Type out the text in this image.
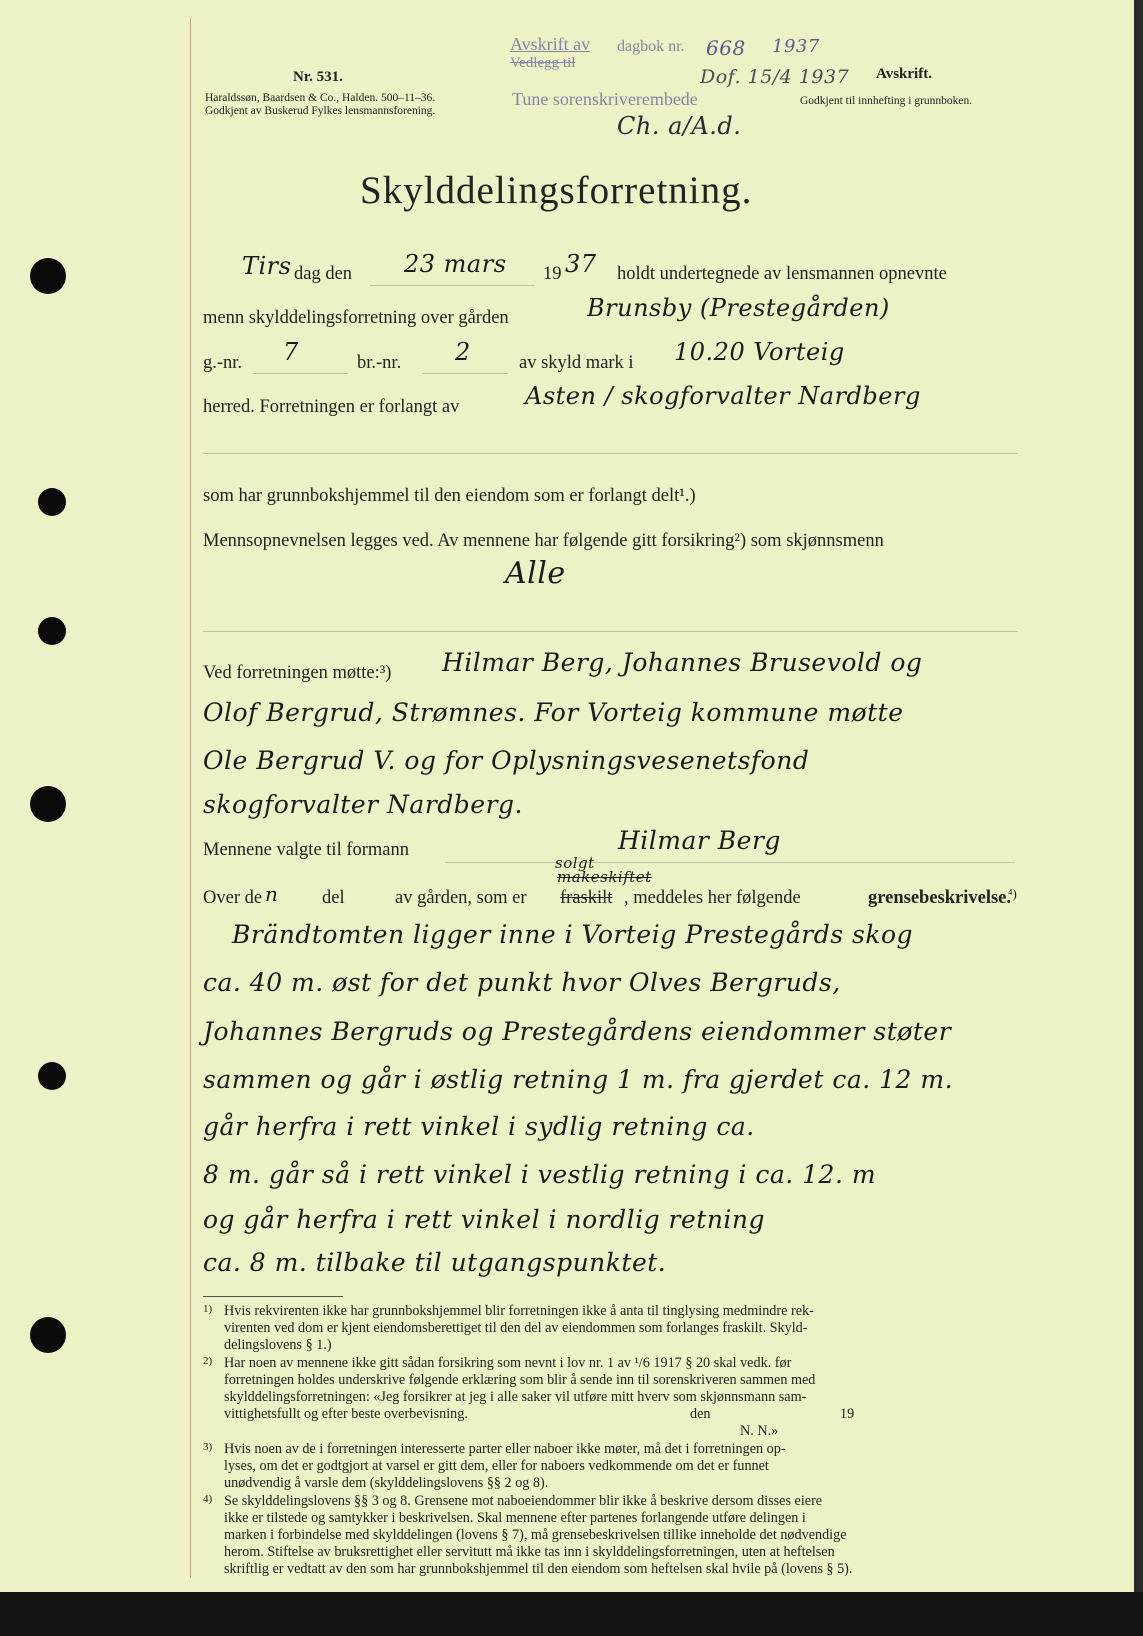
Nr. 531.
Haraldssøn, Baardsen & Co., Halden. 500–11–36.
Godkjent av Buskerud Fylkes lensmannsforening.
Avskrift av
Vedlegg til
dagbok nr.
Tune sorenskriverembede
668 1937
Dof. 15/4 1937
Ch. a/A.d.
Avskrift.
Godkjent til innhefting i grunnboken.
Skylddelingsforretning.
Tirs dag den 23 mars 19 37 holdt undertegnede av lensmannen opnevnte
menn skylddelingsforretning over gården	Brunsby (Prestegården)
g.-nr. 7	br.-nr. 2	av skyld mark i 10.20 Vorteig
herred. Forretningen er forlangt av	Asten / skogforvalter Nardberg
som har grunnbokshjemmel til den eiendom som er forlangt delt¹.)
Mennsopnevnelsen legges ved. Av mennene har følgende gitt forsikring²) som skjønnsmenn
Alle
Ved forretningen møtte:³) Hilmar Berg, Johannes Brusevold og
Olof Bergrud, Strømnes. For Vorteig kommune møtte
Ole Bergrud V. og for Oplysningsvesenetsfond
skogforvalter Nardberg.
Mennene valgte til formann	Hilmar Berg
Over de n del	av gården, som er
solgt
makeskiftet
fraskilt , meddeles her følgende	grensebeskrivelse.
⁴)
Brändtomten ligger inne i Vorteig Prestegårds skog
ca. 40 m. øst for det punkt hvor Olves Bergruds,
Johannes Bergruds og Prestegårdens eiendommer støter
sammen og går i østlig retning 1 m. fra gjerdet ca. 12 m.
går herfra i rett vinkel i sydlig retning ca.
8 m. går så i rett vinkel i vestlig retning i ca. 12. m
og går herfra i rett vinkel i nordlig retning
ca. 8 m. tilbake til utgangspunktet.
1) Hvis rekvirenten ikke har grunnbokshjemmel blir forretningen ikke å anta til tinglysing medmindre rek-
virenten ved dom er kjent eiendomsberettiget til den del av eiendommen som forlanges fraskilt. Skyld-
delingslovens § 1.)
2) Har noen av mennene ikke gitt sådan forsikring som nevnt i lov nr. 1 av ¹/6 1917 § 20 skal vedk. før
forretningen holdes underskrive følgende erklæring som blir å sende inn til sorenskriveren sammen med
skylddelingsforretningen: «Jeg forsikrer at jeg i alle saker vil utføre mitt hverv som skjønnsmann sam-
vittighetsfullt og efter beste overbevisning.	den	19
N. N.»
3) Hvis noen av de i forretningen interesserte parter eller naboer ikke møter, må det i forretningen op-
lyses, om det er godtgjort at varsel er gitt dem, eller for naboers vedkommende om det er funnet
unødvendig å varsle dem (skylddelingslovens §§ 2 og 8).
4) Se skylddelingslovens §§ 3 og 8. Grensene mot naboeiendommer blir ikke å beskrive dersom disses eiere
ikke er tilstede og samtykker i beskrivelsen. Skal mennene efter partenes forlangende utføre delingen i
marken i forbindelse med skylddelingen (lovens § 7), må grensebeskrivelsen tillike inneholde det nødvendige
herom. Stiftelse av bruksrettighet eller servitutt må ikke tas inn i skylddelingsforretningen, uten at heftelsen
skriftlig er vedtatt av den som har grunnbokshjemmel til den eiendom som heftelsen skal hvile på (lovens § 5).
